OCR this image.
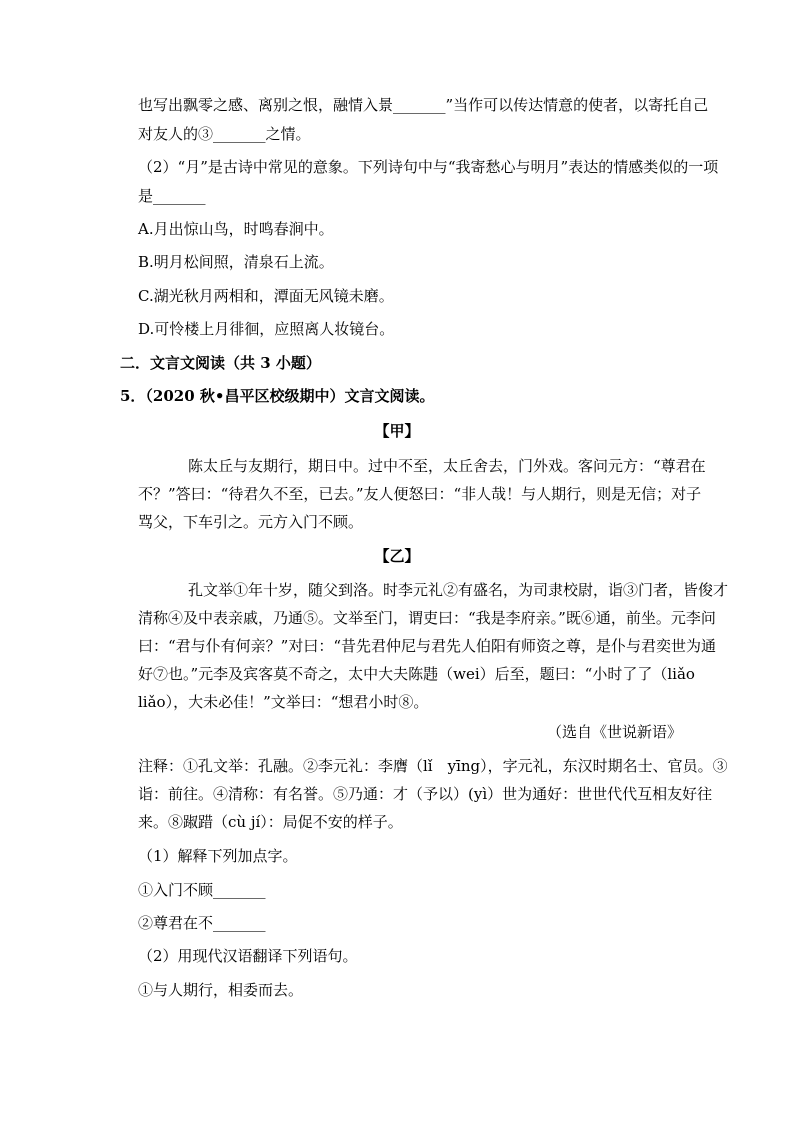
也写出飘零之感、离别之恨，融情入景_______”当作可以传达情意的使者，以寄托自己
对友人的③_______之情。
（2）“月”是古诗中常见的意象。下列诗句中与“我寄愁心与明月”表达的情感类似的一项
是_______
A.月出惊山鸟，时鸣春涧中。
B.明月松间照，清泉石上流。
C.湖光秋月两相和，潭面无风镜未磨。
D.可怜楼上月徘徊，应照离人妆镜台。
二．文言文阅读（共 3 小题）
5．（2020 秋•昌平区校级期中）文言文阅读。
【甲】
陈太丘与友期行，期日中。过中不至，太丘舍去，门外戏。客问元方：“尊君在
不？”答曰：“待君久不至，已去。”友人便怒曰：“非人哉！与人期行，则是无信；对子
骂父，下车引之。元方入门不顾。
【乙】
孔文举①年十岁，随父到洛。时李元礼②有盛名，为司隶校尉，诣③门者，皆俊才
清称④及中表亲戚，乃通⑤。文举至门，谓吏曰：“我是李府亲。”既⑥通，前坐。元李问
曰：“君与仆有何亲？”对曰：“昔先君仲尼与君先人伯阳有师资之尊，是仆与君奕世为通
好⑦也。”元李及宾客莫不奇之，太中大夫陈韪（wei）后至，题曰：“小时了了（liǎo
liǎo），大未必佳！”文举曰：“想君小时⑧。
（选自《世说新语》
注释：①孔文举：孔融。②李元礼：李膺（lǐ　yīng），字元礼，东汉时期名士、官员。③
诣：前往。④清称：有名誉。⑤乃通：才（予以）(yì）世为通好：世世代代互相友好往
来。⑧踧踖（cù jí）：局促不安的样子。
（1）解释下列加点字。
①入门不顾_______
②尊君在不_______
（2）用现代汉语翻译下列语句。
①与人期行，相委而去。
